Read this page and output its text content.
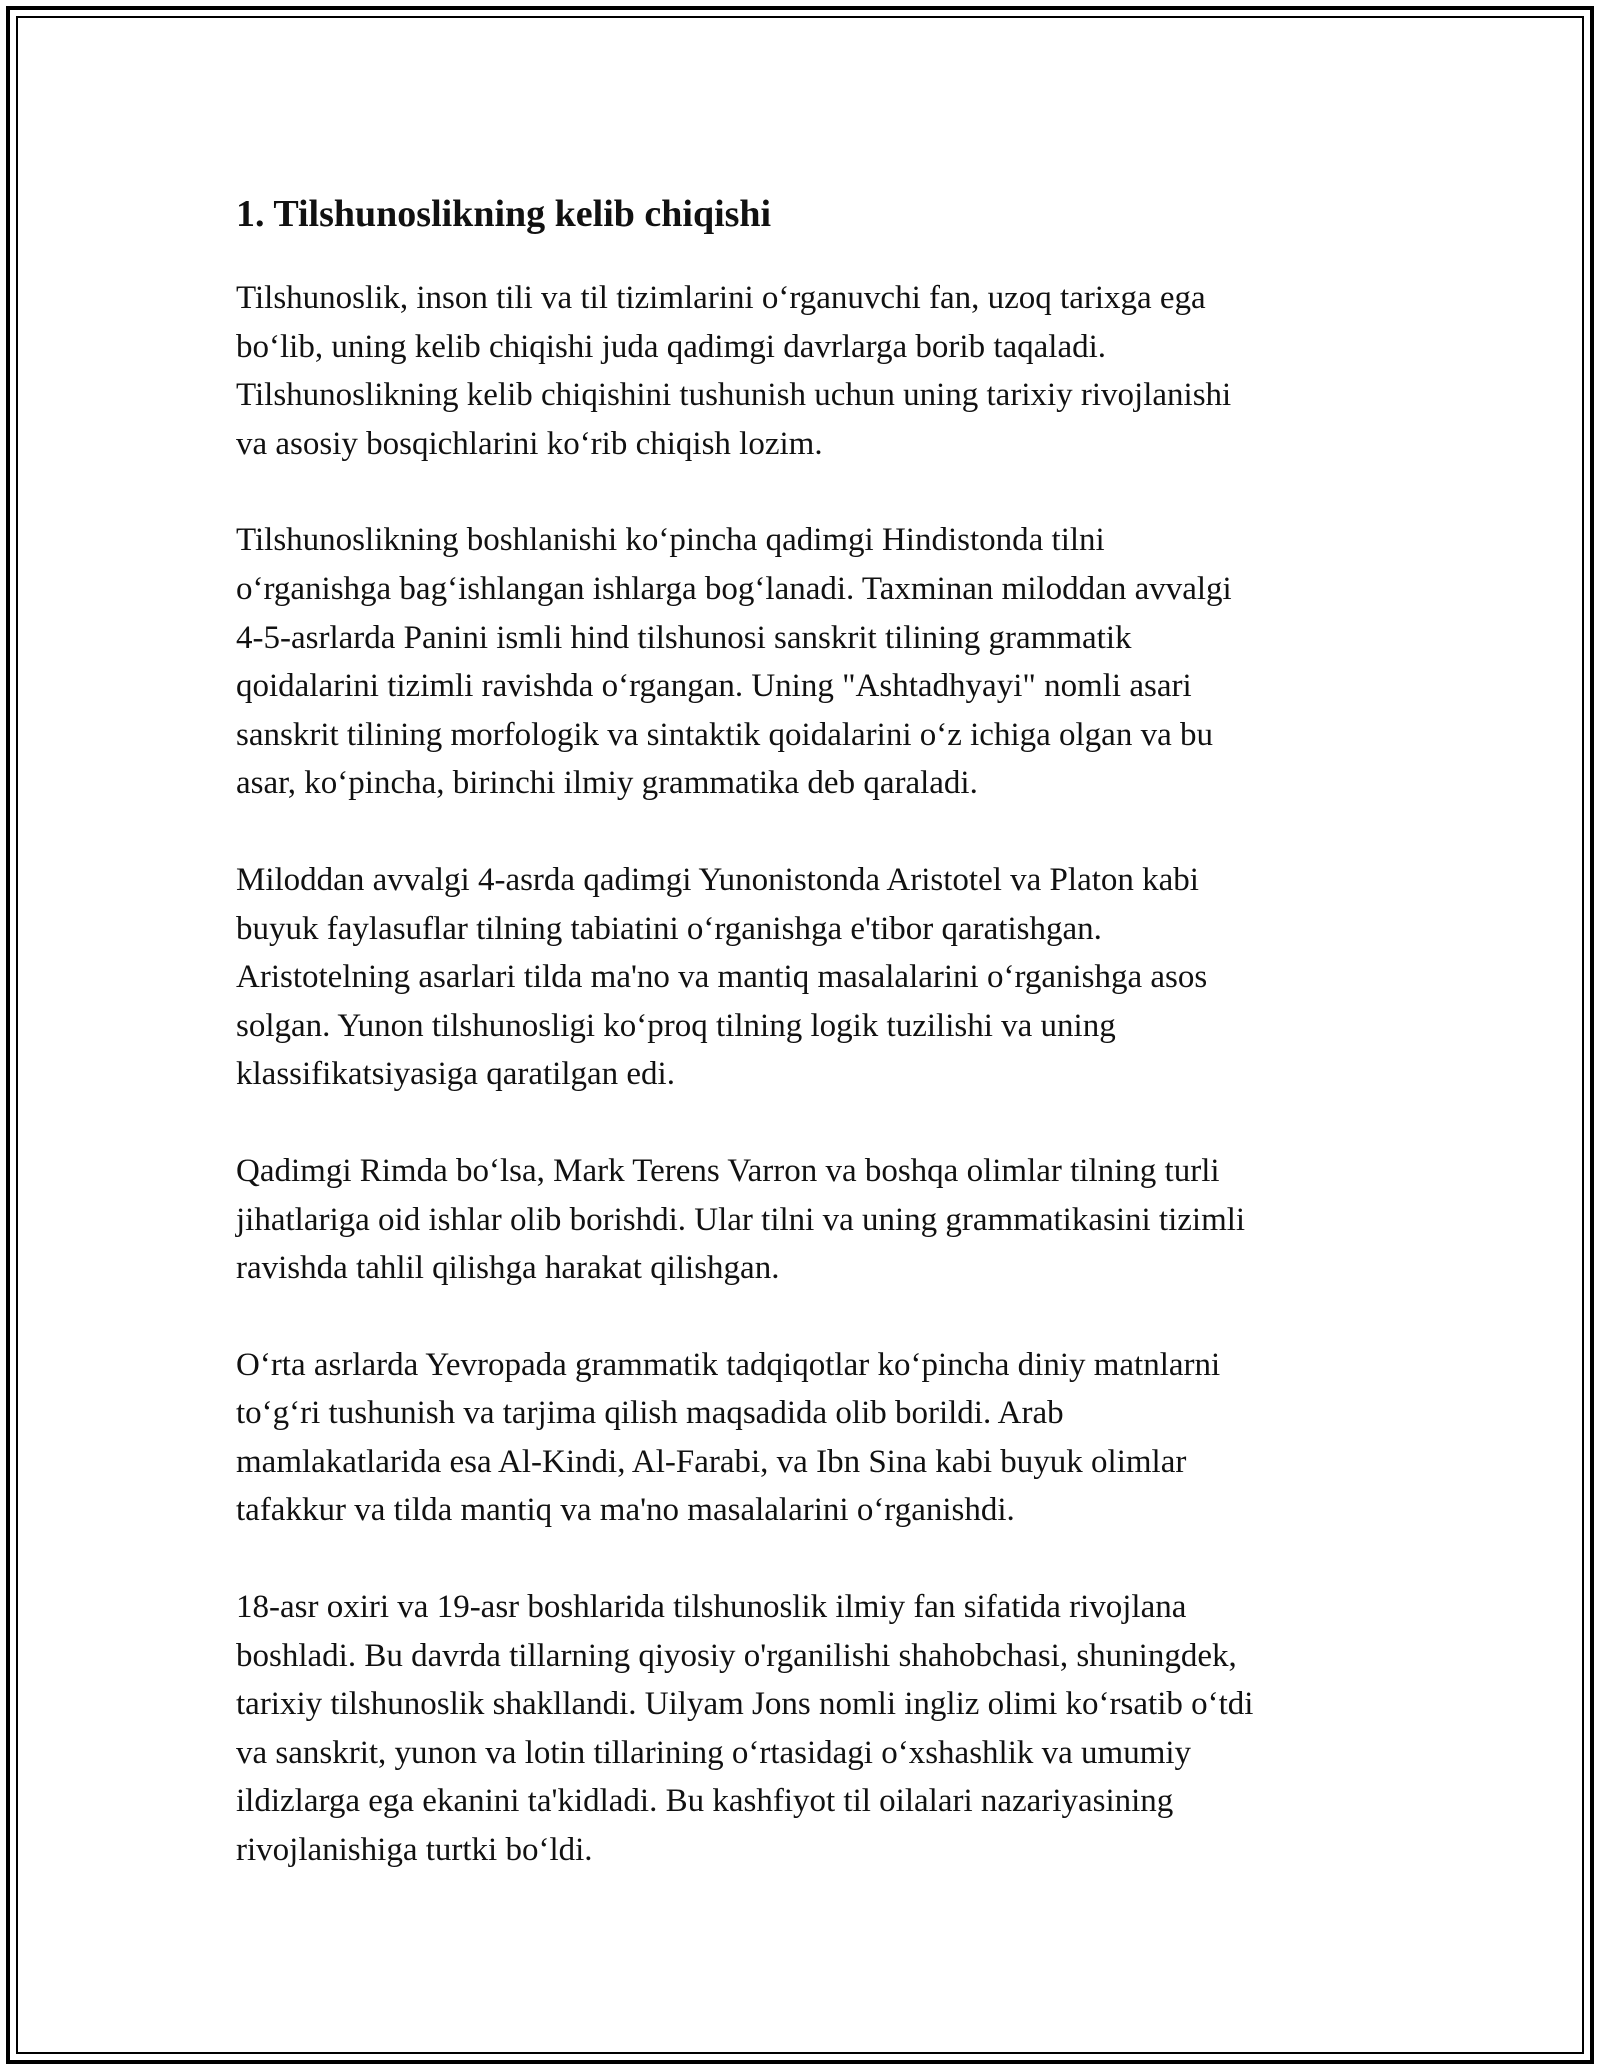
1. Tilshunoslikning kelib chiqishi

Tilshunoslik, inson tili va til tizimlarini o‘rganuvchi fan, uzoq tarixga ega
bo‘lib, uning kelib chiqishi juda qadimgi davrlarga borib taqaladi.
Tilshunoslikning kelib chiqishini tushunish uchun uning tarixiy rivojlanishi
va asosiy bosqichlarini ko‘rib chiqish lozim.

Tilshunoslikning boshlanishi ko‘pincha qadimgi Hindistonda tilni
o‘rganishga bag‘ishlangan ishlarga bog‘lanadi. Taxminan miloddan avvalgi
4-5-asrlarda Panini ismli hind tilshunosi sanskrit tilining grammatik
qoidalarini tizimli ravishda o‘rgangan. Uning "Ashtadhyayi" nomli asari
sanskrit tilining morfologik va sintaktik qoidalarini o‘z ichiga olgan va bu
asar, ko‘pincha, birinchi ilmiy grammatika deb qaraladi.

Miloddan avvalgi 4-asrda qadimgi Yunonistonda Aristotel va Platon kabi
buyuk faylasuflar tilning tabiatini o‘rganishga e'tibor qaratishgan.
Aristotelning asarlari tilda ma'no va mantiq masalalarini o‘rganishga asos
solgan. Yunon tilshunosligi ko‘proq tilning logik tuzilishi va uning
klassifikatsiyasiga qaratilgan edi.

Qadimgi Rimda bo‘lsa, Mark Terens Varron va boshqa olimlar tilning turli
jihatlariga oid ishlar olib borishdi. Ular tilni va uning grammatikasini tizimli
ravishda tahlil qilishga harakat qilishgan.

O‘rta asrlarda Yevropada grammatik tadqiqotlar ko‘pincha diniy matnlarni
to‘g‘ri tushunish va tarjima qilish maqsadida olib borildi. Arab
mamlakatlarida esa Al-Kindi, Al-Farabi, va Ibn Sina kabi buyuk olimlar
tafakkur va tilda mantiq va ma'no masalalarini o‘rganishdi.

18-asr oxiri va 19-asr boshlarida tilshunoslik ilmiy fan sifatida rivojlana
boshladi. Bu davrda tillarning qiyosiy o'rganilishi shahobchasi, shuningdek,
tarixiy tilshunoslik shakllandi. Uilyam Jons nomli ingliz olimi ko‘rsatib o‘tdi
va sanskrit, yunon va lotin tillarining o‘rtasidagi o‘xshashlik va umumiy
ildizlarga ega ekanini ta'kidladi. Bu kashfiyot til oilalari nazariyasining
rivojlanishiga turtki bo‘ldi.
